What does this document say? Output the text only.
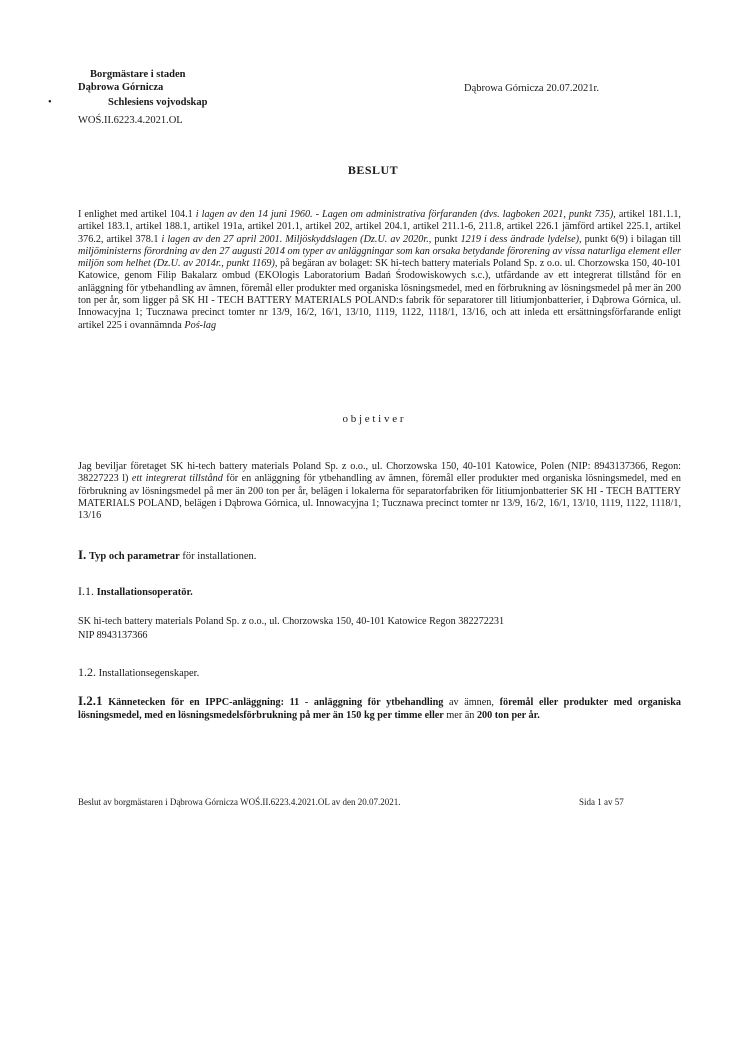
Borgmästare i staden
Dąbrowa Górnicza
•	Schlesiens vojvodskap
WOŚ.II.6223.4.2021.OL
Dąbrowa Górnicza 20.07.2021r.
BESLUT
I enlighet med artikel 104.1 i lagen av den 14 juni 1960. - Lagen om administrativa förfaranden (dvs. lagboken 2021, punkt 735), artikel 181.1.1, artikel 183.1, artikel 188.1, artikel 191a, artikel 201.1, artikel 202, artikel 204.1, artikel 211.1-6, 211.8, artikel 226.1 jämförd artikel 225.1, artikel 376.2, artikel 378.1 i lagen av den 27 april 2001. Miljöskyddslagen (Dz.U. av 2020r., punkt 1219 i dess ändrade lydelse), punkt 6(9) i bilagan till miljöministerns förordning av den 27 augusti 2014 om typer av anläggningar som kan orsaka betydande förorening av vissa naturliga element eller miljön som helhet (Dz.U. av 2014r., punkt 1169), på begäran av bolaget: SK hi-tech battery materials Poland Sp. z o.o. ul. Chorzowska 150, 40-101 Katowice, genom Filip Bakalarz ombud (EKOlogis Laboratorium Badań Środowiskowych s.c.), utfärdande av ett integrerat tillstånd för en anläggning för ytbehandling av ämnen, föremål eller produkter med organiska lösningsmedel, med en förbrukning av lösningsmedel på mer än 200 ton per år, som ligger på SK HI - TECH BATTERY MATERIALS POLAND:s fabrik för separatorer till litiumjonbatterier, i Dąbrowa Górnica, ul. Innowacyjna 1; Tucznawa precinct tomter nr 13/9, 16/2, 16/1, 13/10, 1119, 1122, 1118/1, 13/16, och att inleda ett ersättningsförfarande enligt artikel 225 i ovannämnda Poś-lag
o b j e t i v e r
Jag beviljar företaget SK hi-tech battery materials Poland Sp. z o.o., ul. Chorzowska 150, 40-101 Katowice, Polen (NIP: 8943137366, Regon: 38227223 l) ett integrerat tillstånd för en anläggning för ytbehandling av ämnen, föremål eller produkter med organiska lösningsmedel, med en förbrukning av lösningsmedel på mer än 200 ton per år, belägen i lokalerna för separatorfabriken för litiumjonbatterier SK HI - TECH BATTERY MATERIALS POLAND, belägen i Dąbrowa Górnica, ul. Innowacyjna 1; Tucznawa precinct tomter nr 13/9, 16/2, 16/1, 13/10, 1119, 1122, 1118/1, 13/16
I. Typ och parametrar för installationen.
I.1. Installationsoperatör.
SK hi-tech battery materials Poland Sp. z o.o., ul. Chorzowska 150, 40-101 Katowice Regon 382272231
NIP 8943137366
1.2. Installationsegenskaper.
I.2.1 Kännetecken för en IPPC-anläggning: 11 - anläggning för ytbehandling av ämnen, föremål eller produkter med organiska lösningsmedel, med en lösningsmedelsförbrukning på mer än 150 kg per timme eller mer än 200 ton per år.
Beslut av borgmästaren i Dąbrowa Górnicza WOŚ.II.6223.4.2021.OL av den 20.07.2021.	Sida 1 av 57
